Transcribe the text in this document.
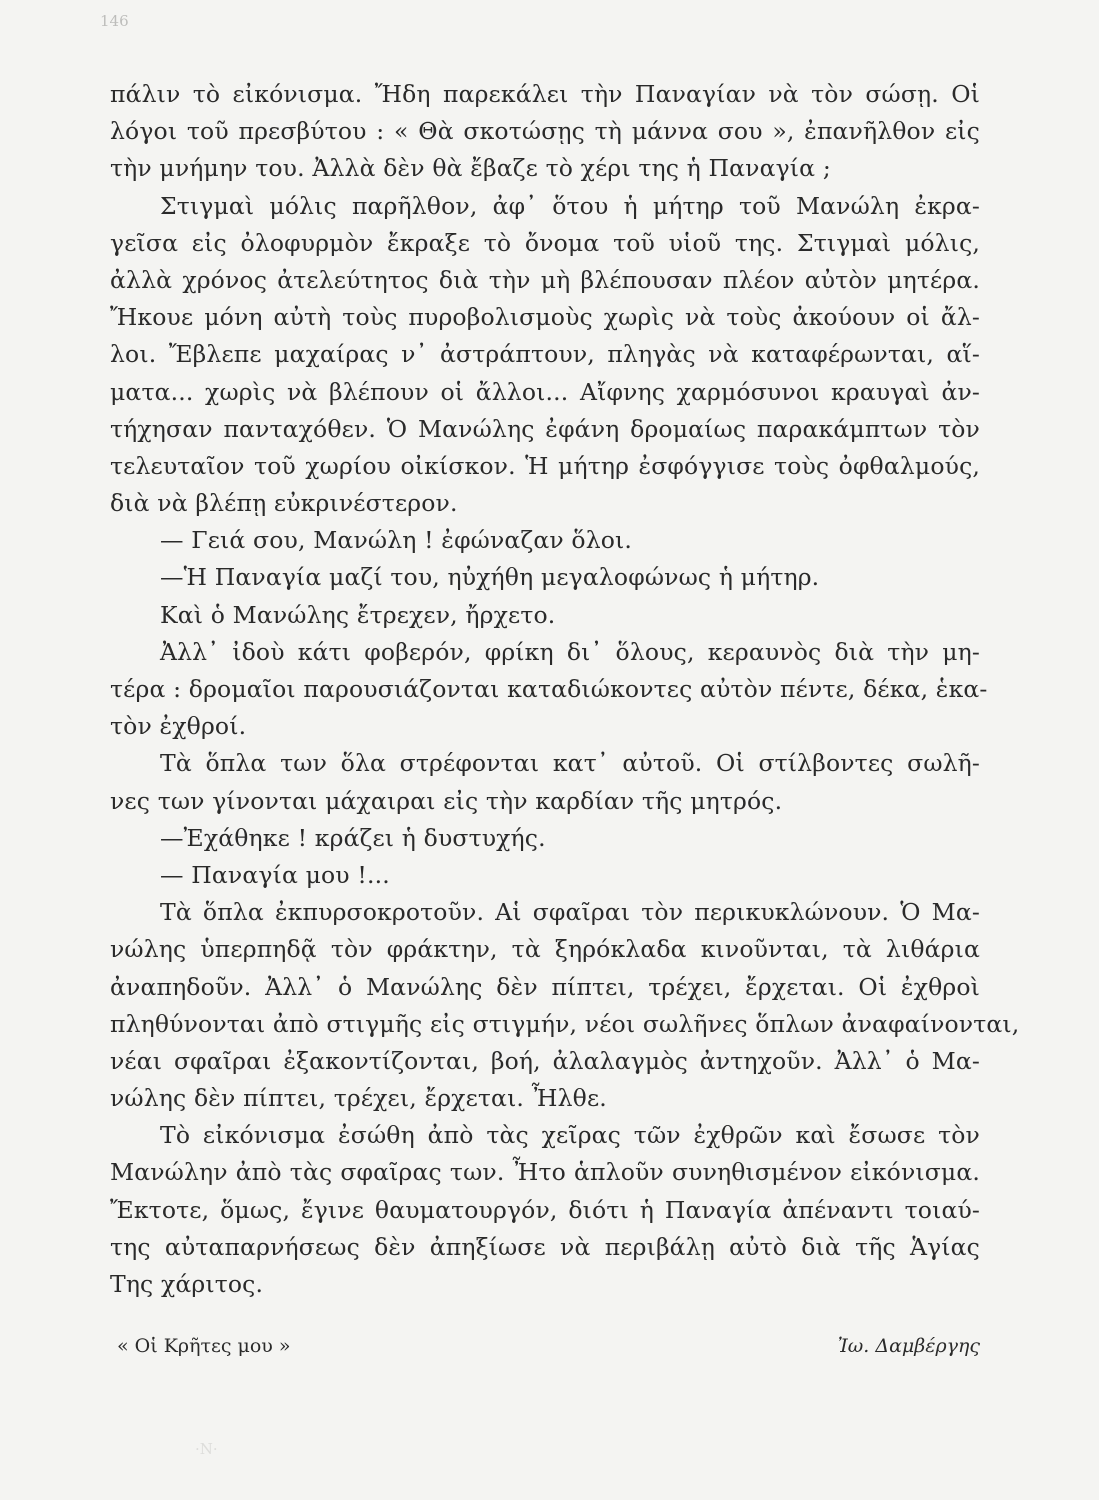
146
πάλιν τὸ εἰκόνισμα. Ἤδη παρεκάλει τὴν Παναγίαν νὰ τὸν σώσῃ. Οἱ
λόγοι τοῦ πρεσβύτου : « Θὰ σκοτώσῃς τὴ μάννα σου », ἐπανῆλθον εἰς
τὴν μνήμην του. Ἀλλὰ δὲν θὰ ἔβαζε τὸ χέρι της ἡ Παναγία ;
Στιγμαὶ μόλις παρῆλθον, ἀφ᾽ ὅτου ἡ μήτηρ τοῦ Μανώλη ἐκρα-
γεῖσα εἰς ὀλοφυρμὸν ἔκραξε τὸ ὄνομα τοῦ υἱοῦ της. Στιγμαὶ μόλις,
ἀλλὰ χρόνος ἀτελεύτητος διὰ τὴν μὴ βλέπουσαν πλέον αὐτὸν μητέρα.
Ἤκουε μόνη αὐτὴ τοὺς πυροβολισμοὺς χωρὶς νὰ τοὺς ἀκούουν οἱ ἄλ-
λοι. Ἔβλεπε μαχαίρας ν᾽ ἀστράπτουν, πληγὰς νὰ καταφέρωνται, αἵ-
ματα... χωρὶς νὰ βλέπουν οἱ ἄλλοι... Αἴφνης χαρμόσυνοι κραυγαὶ ἀν-
τήχησαν πανταχόθεν. Ὁ Μανώλης ἐφάνη δρομαίως παρακάμπτων τὸν
τελευταῖον τοῦ χωρίου οἰκίσκον. Ἡ μήτηρ ἐσφόγγισε τοὺς ὀφθαλμούς,
διὰ νὰ βλέπῃ εὐκρινέστερον.
— Γειά σου, Μανώλη ! ἐφώναζαν ὅλοι.
—Ἡ Παναγία μαζί του, ηὐχήθη μεγαλοφώνως ἡ μήτηρ.
Καὶ ὁ Μανώλης ἔτρεχεν, ἤρχετο.
Ἀλλ᾽ ἰδοὺ κάτι φοβερόν, φρίκη δι᾽ ὅλους, κεραυνὸς διὰ τὴν μη-
τέρα : δρομαῖοι παρουσιάζονται καταδιώκοντες αὐτὸν πέντε, δέκα, ἑκα-
τὸν ἐχθροί.
Τὰ ὅπλα των ὅλα στρέφονται κατ᾽ αὐτοῦ. Οἱ στίλβοντες σωλῆ-
νες των γίνονται μάχαιραι εἰς τὴν καρδίαν τῆς μητρός.
—Ἐχάθηκε ! κράζει ἡ δυστυχής.
— Παναγία μου !...
Τὰ ὅπλα ἐκπυρσοκροτοῦν. Αἱ σφαῖραι τὸν περικυκλώνουν. Ὁ Μα-
νώλης ὑπερπηδᾷ τὸν φράκτην, τὰ ξηρόκλαδα κινοῦνται, τὰ λιθάρια
ἀναπηδοῦν. Ἀλλ᾽ ὁ Μανώλης δὲν πίπτει, τρέχει, ἔρχεται. Οἱ ἐχθροὶ
πληθύνονται ἀπὸ στιγμῆς εἰς στιγμήν, νέοι σωλῆνες ὅπλων ἀναφαίνονται,
νέαι σφαῖραι ἐξακοντίζονται, βοή, ἀλαλαγμὸς ἀντηχοῦν. Ἀλλ᾽ ὁ Μα-
νώλης δὲν πίπτει, τρέχει, ἔρχεται. Ἦλθε.
Τὸ εἰκόνισμα ἐσώθη ἀπὸ τὰς χεῖρας τῶν ἐχθρῶν καὶ ἔσωσε τὸν
Μανώλην ἀπὸ τὰς σφαῖρας των. Ἦτο ἁπλοῦν συνηθισμένον εἰκόνισμα.
Ἔκτοτε, ὅμως, ἔγινε θαυματουργόν, διότι ἡ Παναγία ἀπέναντι τοιαύ-
της αὐταπαρνήσεως δὲν ἀπηξίωσε νὰ περιβάλῃ αὐτὸ διὰ τῆς Ἁγίας
Της χάριτος.
« Οἱ Κρῆτες μου »	Ἰω. Δαμβέργης
·Ν·
